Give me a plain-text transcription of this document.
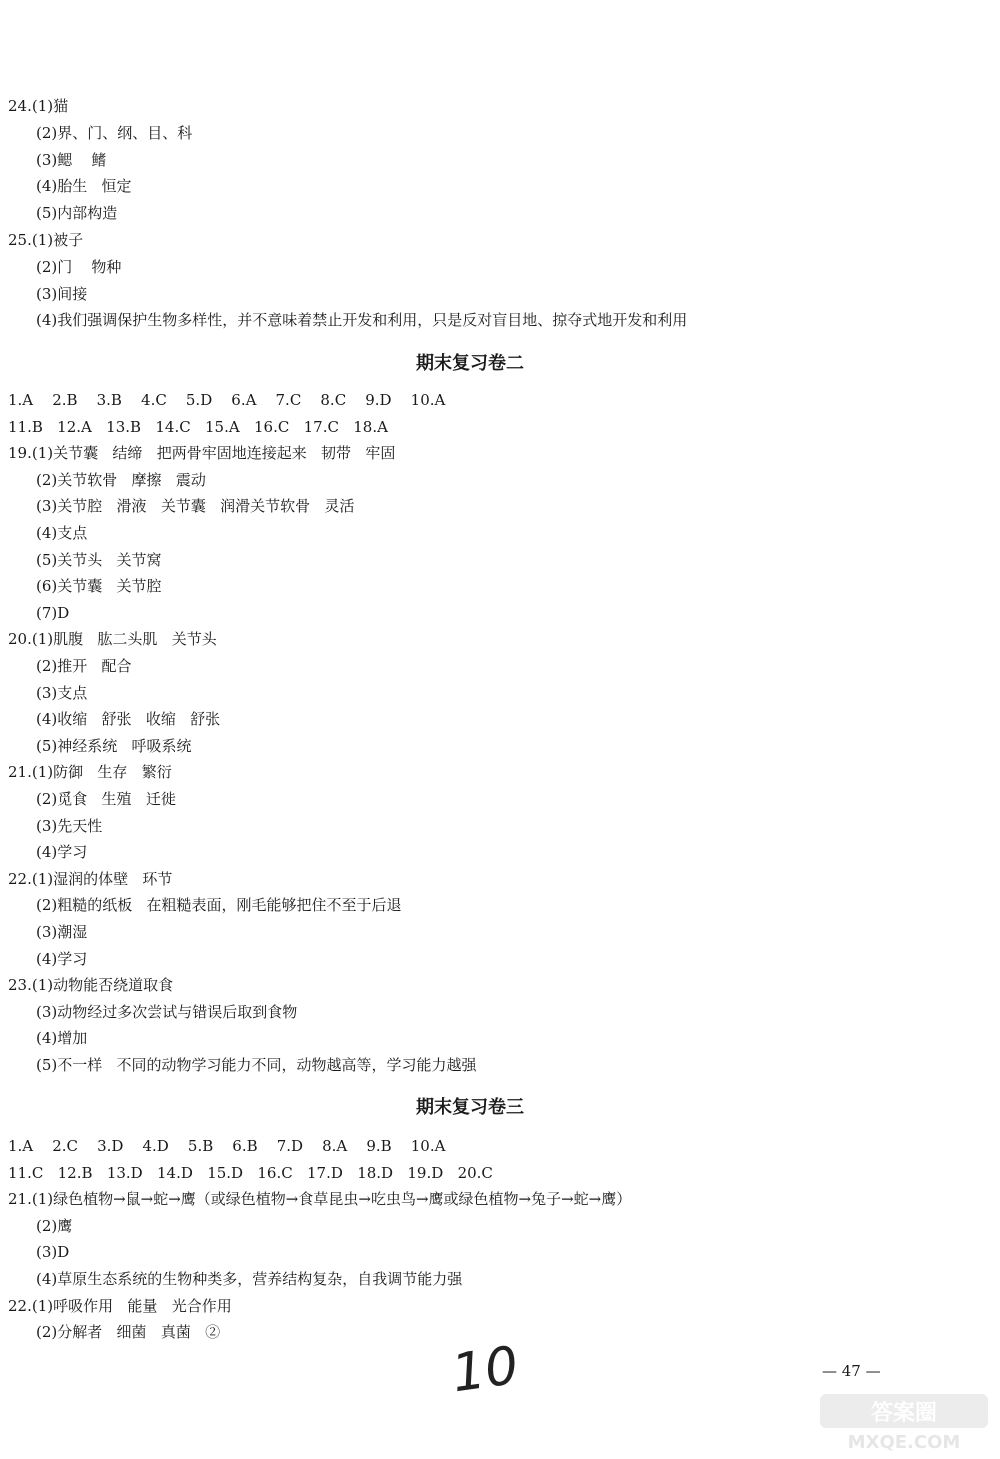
24.(1)猫
(2)界、门、纲、目、科
(3)鳃    鳍
(4)胎生   恒定
(5)内部构造
25.(1)被子
(2)门    物种
(3)间接
(4)我们强调保护生物多样性，并不意味着禁止开发和利用，只是反对盲目地、掠夺式地开发和利用
1.A    2.B    3.B    4.C    5.D    6.A    7.C    8.C    9.D    10.A
11.B   12.A   13.B   14.C   15.A   16.C   17.C   18.A
19.(1)关节囊   结缔   把两骨牢固地连接起来   韧带   牢固
(2)关节软骨   摩擦   震动
(3)关节腔   滑液   关节囊   润滑关节软骨   灵活
(4)支点
(5)关节头   关节窝
(6)关节囊   关节腔
(7)D
20.(1)肌腹   肱二头肌   关节头
(2)推开   配合
(3)支点
(4)收缩   舒张   收缩   舒张
(5)神经系统   呼吸系统
21.(1)防御   生存   繁衍
(2)觅食   生殖   迁徙
(3)先天性
(4)学习
22.(1)湿润的体壁   环节
(2)粗糙的纸板   在粗糙表面，刚毛能够把住不至于后退
(3)潮湿
(4)学习
23.(1)动物能否绕道取食
(3)动物经过多次尝试与错误后取到食物
(4)增加
(5)不一样   不同的动物学习能力不同，动物越高等，学习能力越强
1.A    2.C    3.D    4.D    5.B    6.B    7.D    8.A    9.B    10.A
11.C   12.B   13.D   14.D   15.D   16.C   17.D   18.D   19.D   20.C
21.(1)绿色植物→鼠→蛇→鹰（或绿色植物→食草昆虫→吃虫鸟→鹰或绿色植物→兔子→蛇→鹰）
(2)鹰
(3)D
(4)草原生态系统的生物种类多，营养结构复杂，自我调节能力强
22.(1)呼吸作用   能量   光合作用
(2)分解者   细菌   真菌   ②
期末复习卷二
期末复习卷三
10	— 47 —
答案圈
MXQE.COM
